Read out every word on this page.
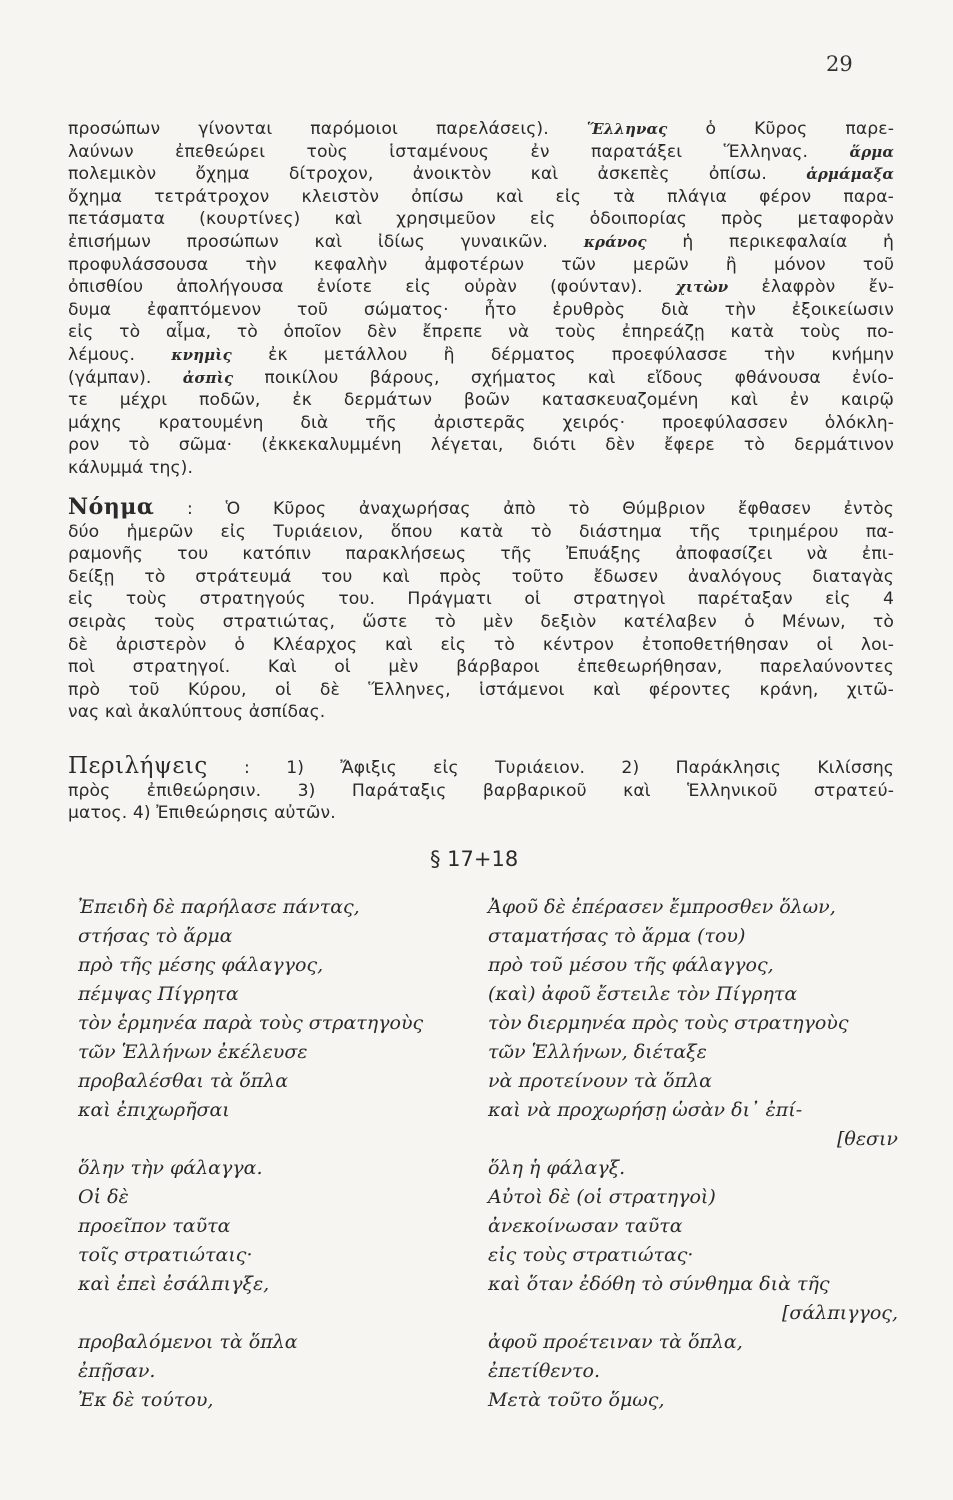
29
προσώπων γίνονται παρόμοιοι παρελάσεις). Ἕλληνας ὁ Κῦρος παρε-
λαύνων ἐπεθεώρει τοὺς ἱσταμένους ἐν παρατάξει Ἕλληνας. ἅρμα
πολεμικὸν ὄχημα δίτροχον, ἀνοικτὸν καὶ ἀσκεπὲς ὀπίσω. ἁρμάμαξα
ὄχημα τετράτροχον κλειστὸν ὀπίσω καὶ εἰς τὰ πλάγια φέρον παρα-
πετάσματα (κουρτίνες) καὶ χρησιμεῦον εἰς ὁδοιπορίας πρὸς μεταφορὰν
ἐπισήμων προσώπων καὶ ἰδίως γυναικῶν. κράνος ἡ περικεφαλαία ἡ
προφυλάσσουσα τὴν κεφαλὴν ἀμφοτέρων τῶν μερῶν ἢ μόνον τοῦ
ὀπισθίου ἀπολήγουσα ἐνίοτε εἰς οὐρὰν (φούνταν). χιτὼν ἐλαφρὸν ἔν-
δυμα ἐφαπτόμενον τοῦ σώματος· ἦτο ἐρυθρὸς διὰ τὴν ἐξοικείωσιν
εἰς τὸ αἷμα, τὸ ὁποῖον δὲν ἔπρεπε νὰ τοὺς ἐπηρεάζῃ κατὰ τοὺς πο-
λέμους. κνημὶς ἐκ μετάλλου ἢ δέρματος προεφύλασσε τὴν κνήμην
(γάμπαν). ἀσπὶς ποικίλου βάρους, σχήματος καὶ εἴδους φθάνουσα ἐνίο-
τε μέχρι ποδῶν, ἐκ δερμάτων βοῶν κατασκευαζομένη καὶ ἐν καιρῷ
μάχης κρατουμένη διὰ τῆς ἀριστερᾶς χειρός· προεφύλασσεν ὁλόκλη-
ρον τὸ σῶμα· (ἐκκεκαλυμμένη λέγεται, διότι δὲν ἔφερε τὸ δερμάτινον
κάλυμμά της).
Νόημα : Ὁ Κῦρος ἀναχωρήσας ἀπὸ τὸ Θύμβριον ἔφθασεν ἐντὸς
δύο ἡμερῶν εἰς Τυριάειον, ὅπου κατὰ τὸ διάστημα τῆς τριημέρου πα-
ραμονῆς του κατόπιν παρακλήσεως τῆς Ἐπυάξης ἀποφασίζει νὰ ἐπι-
δείξῃ τὸ στράτευμά του καὶ πρὸς τοῦτο ἔδωσεν ἀναλόγους διαταγὰς
εἰς τοὺς στρατηγούς του. Πράγματι οἱ στρατηγοὶ παρέταξαν εἰς 4
σειρὰς τοὺς στρατιώτας, ὥστε τὸ μὲν δεξιὸν κατέλαβεν ὁ Μένων, τὸ
δὲ ἀριστερὸν ὁ Κλέαρχος καὶ εἰς τὸ κέντρον ἐτοποθετήθησαν οἱ λοι-
ποὶ στρατηγοί. Καὶ οἱ μὲν βάρβαροι ἐπεθεωρήθησαν, παρελαύνοντες
πρὸ τοῦ Κύρου, οἱ δὲ Ἕλληνες, ἱστάμενοι καὶ φέροντες κράνη, χιτῶ-
νας καὶ ἀκαλύπτους ἀσπίδας.
Περιλήψεις : 1) Ἄφιξις εἰς Τυριάειον. 2) Παράκλησις Κιλίσσης
πρὸς ἐπιθεώρησιν. 3) Παράταξις βαρβαρικοῦ καὶ Ἑλληνικοῦ στρατεύ-
ματος. 4) Ἐπιθεώρησις αὐτῶν.
§ 17+18
Ἐπειδὴ δὲ παρήλασε πάντας,
στήσας τὸ ἅρμα
πρὸ τῆς μέσης φάλαγγος,
πέμψας Πίγρητα
τὸν ἑρμηνέα παρὰ τοὺς στρατηγοὺς
τῶν Ἑλλήνων ἐκέλευσε
προβαλέσθαι τὰ ὅπλα
καὶ ἐπιχωρῆσαι
ὅλην τὴν φάλαγγα.
Οἱ δὲ
προεῖπον ταῦτα
τοῖς στρατιώταις·
καὶ ἐπεὶ ἐσάλπιγξε,
προβαλόμενοι τὰ ὅπλα
ἐπῇσαν.
Ἐκ δὲ τούτου,
Ἀφοῦ δὲ ἐπέρασεν ἔμπροσθεν ὅλων,
σταματήσας τὸ ἅρμα (του)
πρὸ τοῦ μέσου τῆς φάλαγγος,
(καὶ) ἀφοῦ ἔστειλε τὸν Πίγρητα
τὸν διερμηνέα πρὸς τοὺς στρατηγοὺς
τῶν Ἑλλήνων, διέταξε
νὰ προτείνουν τὰ ὅπλα
καὶ νὰ προχωρήσῃ ὡσὰν δι᾽ ἐπί-
[θεσιν
ὅλη ἡ φάλαγξ.
Αὐτοὶ δὲ (οἱ στρατηγοὶ)
ἀνεκοίνωσαν ταῦτα
εἰς τοὺς στρατιώτας·
καὶ ὅταν ἐδόθη τὸ σύνθημα διὰ τῆς
[σάλπιγγος,
ἀφοῦ προέτειναν τὰ ὅπλα,
ἐπετίθεντο.
Μετὰ τοῦτο ὅμως,
